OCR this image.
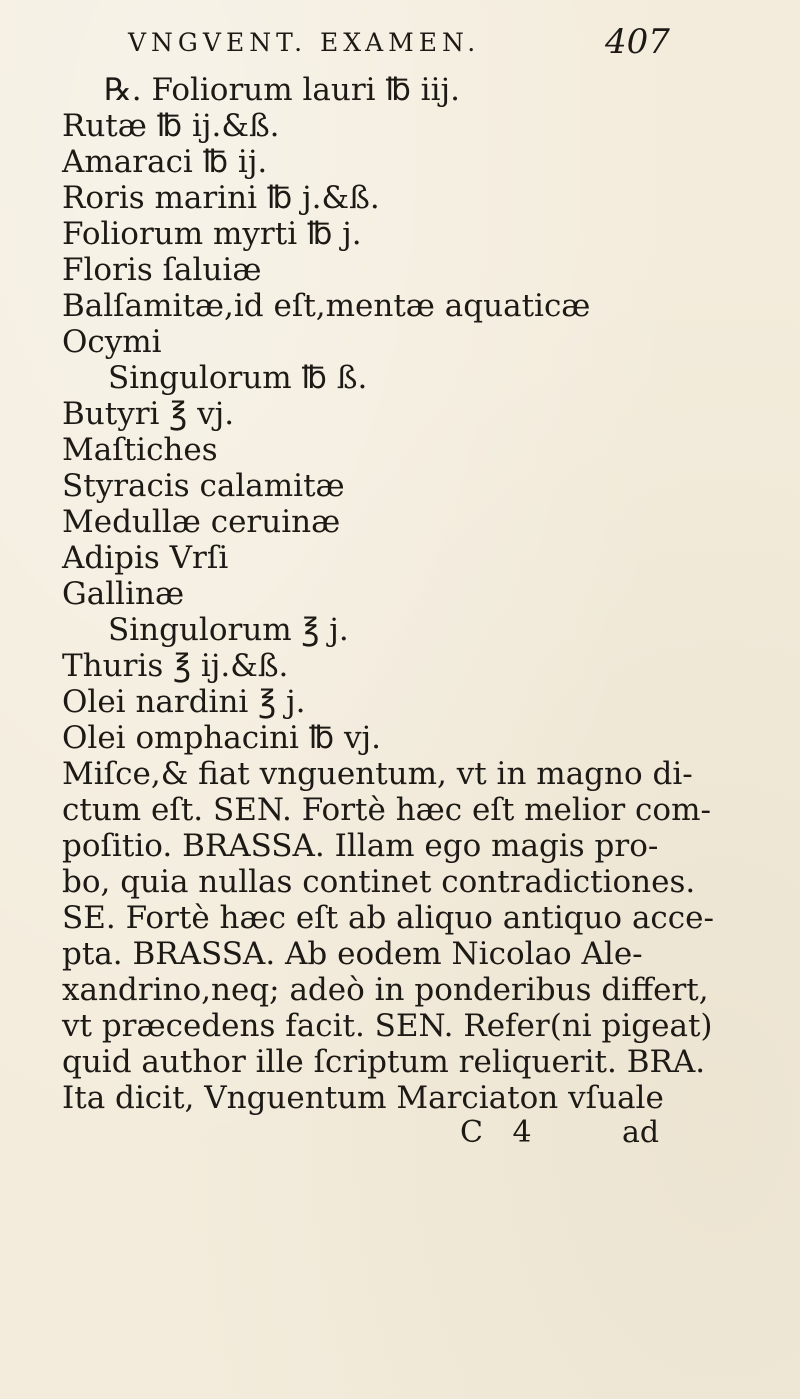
VNGVENT. EXAMEN.	407
℞. Foliorum lauri ℔ iij.
Rutæ ℔ ij.&ß.
Amaraci ℔ ij.
Roris marini ℔ j.&ß.
Foliorum myrti ℔ j.
Floris ſaluiæ
Balſamitæ,id eſt,mentæ aquaticæ
Ocymi
Singulorum ℔ ß.
Butyri ℥ vj.
Maſtiches
Styracis calamitæ
Medullæ ceruinæ
Adipis Vrſi
Gallinæ
Singulorum ℥ j.
Thuris ℥ ij.&ß.
Olei nardini ℥ j.
Olei omphacini ℔ vj.
Miſce,& fiat vnguentum, vt in magno di-
ctum eſt. SEN. Fortè hæc eſt melior com-
poſitio. BRASSA. Illam ego magis pro-
bo, quia nullas continet contradictiones.
SE. Fortè hæc eſt ab aliquo antiquo acce-
pta. BRASSA. Ab eodem Nicolao Ale-
xandrino,neq; adeò in ponderibus differt,
vt præcedens facit. SEN. Refer(ni pigeat)
quid author ille ſcriptum reliquerit. BRA.
Ita dicit, Vnguentum Marciaton vſuale
C 4	ad
